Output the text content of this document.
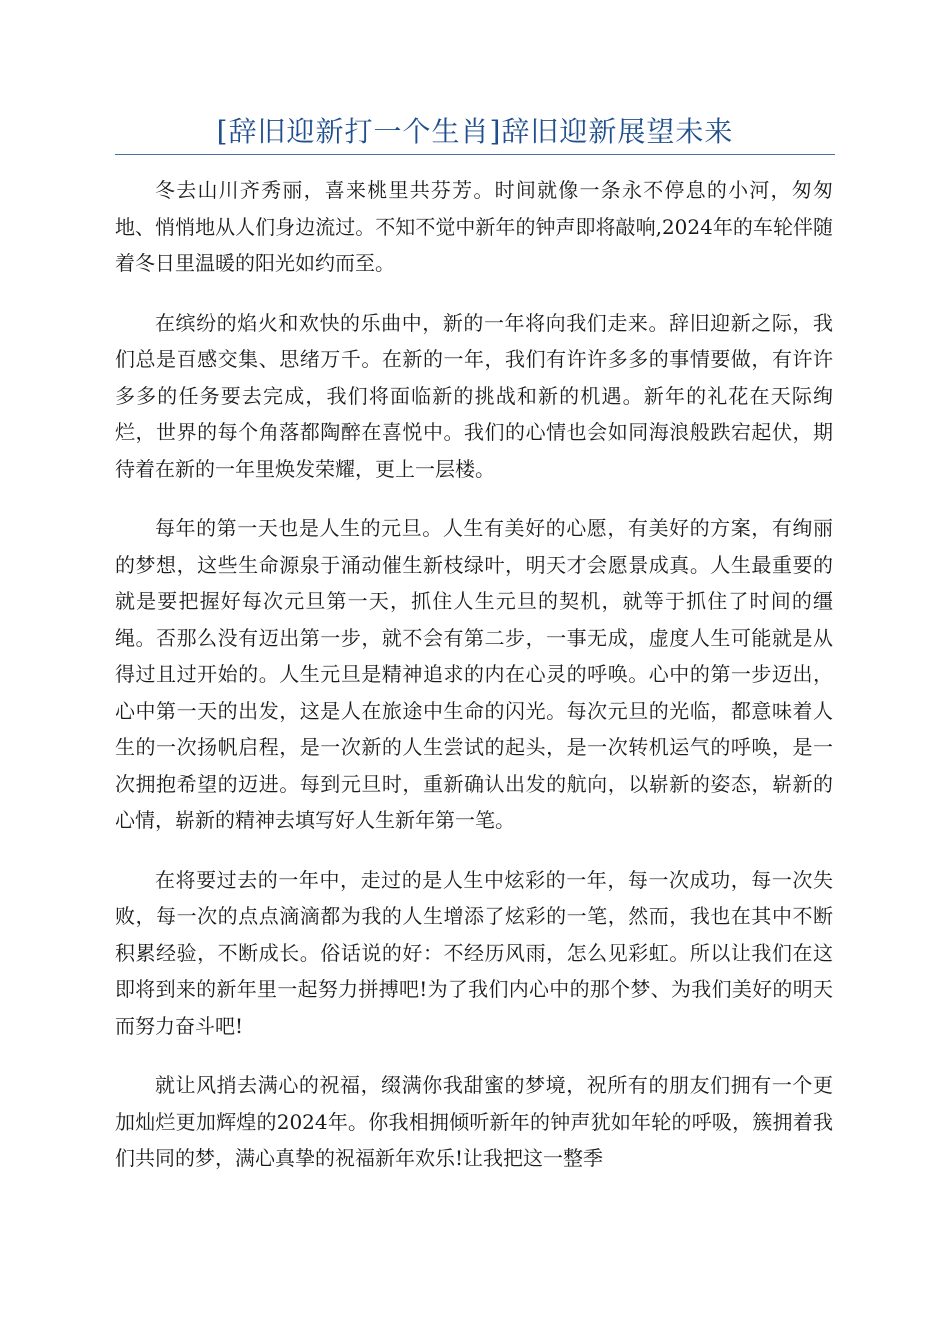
[辞旧迎新打一个生肖]辞旧迎新展望未来

冬去山川齐秀丽，喜来桃里共芬芳。时间就像一条永不停息的小河，匆匆地、悄悄地从人们身边流过。不知不觉中新年的钟声即将敲响,2024年的车轮伴随着冬日里温暖的阳光如约而至。

在缤纷的焰火和欢快的乐曲中，新的一年将向我们走来。辞旧迎新之际，我们总是百感交集、思绪万千。在新的一年，我们有许许多多的事情要做，有许许多多的任务要去完成，我们将面临新的挑战和新的机遇。新年的礼花在天际绚烂，世界的每个角落都陶醉在喜悦中。我们的心情也会如同海浪般跌宕起伏，期待着在新的一年里焕发荣耀，更上一层楼。

每年的第一天也是人生的元旦。人生有美好的心愿，有美好的方案，有绚丽的梦想，这些生命源泉于涌动催生新枝绿叶，明天才会愿景成真。人生最重要的就是要把握好每次元旦第一天，抓住人生元旦的契机，就等于抓住了时间的缰绳。否那么没有迈出第一步，就不会有第二步，一事无成，虚度人生可能就是从得过且过开始的。人生元旦是精神追求的内在心灵的呼唤。心中的第一步迈出，心中第一天的出发，这是人在旅途中生命的闪光。每次元旦的光临，都意味着人生的一次扬帆启程，是一次新的人生尝试的起头，是一次转机运气的呼唤，是一次拥抱希望的迈进。每到元旦时，重新确认出发的航向，以崭新的姿态，崭新的心情，崭新的精神去填写好人生新年第一笔。

在将要过去的一年中，走过的是人生中炫彩的一年，每一次成功，每一次失败，每一次的点点滴滴都为我的人生增添了炫彩的一笔，然而，我也在其中不断积累经验，不断成长。俗话说的好：不经历风雨，怎么见彩虹。所以让我们在这即将到来的新年里一起努力拼搏吧!为了我们内心中的那个梦、为我们美好的明天而努力奋斗吧!

就让风捎去满心的祝福，缀满你我甜蜜的梦境，祝所有的朋友们拥有一个更加灿烂更加辉煌的2024年。你我相拥倾听新年的钟声犹如年轮的呼吸，簇拥着我们共同的梦，满心真挚的祝福新年欢乐!让我把这一整季
